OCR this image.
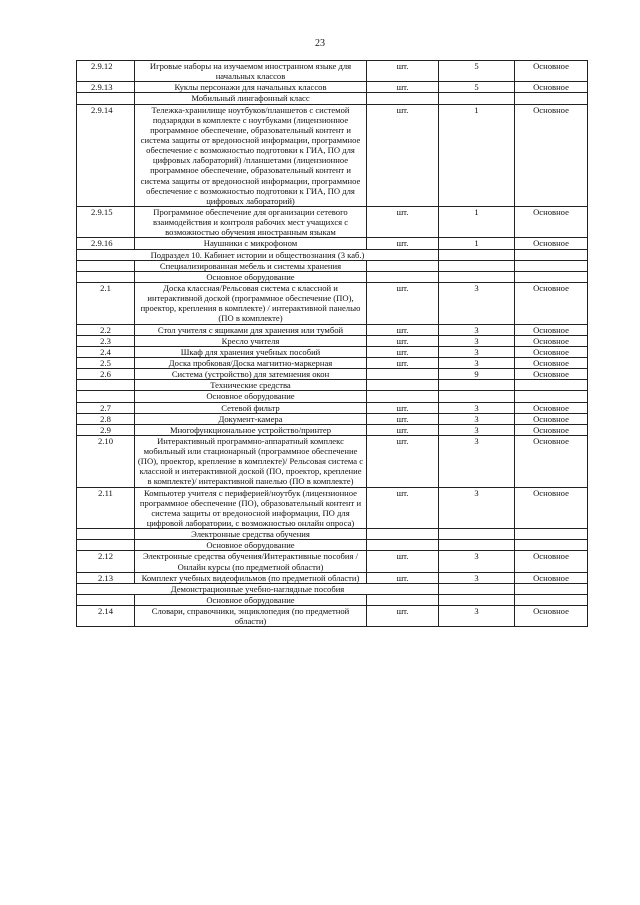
23
2.9.12	Игровые наборы на изучаемом иностранном языке для начальных классов	шт.	5	Основное
2.9.13	Куклы персонажи для начальных классов	шт.	5	Основное
	Мобильный лингафонный класс			
2.9.14	Тележка-хранилище ноутбуков/планшетов с системой подзарядки в комплекте с ноутбуками (лицензионное программное обеспечение, образовательный контент и система защиты от вредоносной информации, программное обеспечение с возможностью подготовки к ГИА, ПО для цифровых лабораторий) /планшетами (лицензионное программное обеспечение, образовательный контент и система защиты от вредоносной информации, программное обеспечение с возможностью подготовки к ГИА, ПО для цифровых лабораторий)	шт.	1	Основное
2.9.15	Программное обеспечение для организации сетевого взаимодействия и контроля рабочих мест учащихся с возможностью обучения иностранным языкам	шт.	1	Основное
2.9.16	Наушники с микрофоном	шт.	1	Основное
Подраздел 10. Кабинет истории и обществознания (3 каб.)				
	Специализированная мебель и системы хранения			
	Основное оборудование			
2.1	Доска классная/Рельсовая система с классной и интерактивной доской (программное обеспечение (ПО), проектор, крепления в комплекте) / интерактивной панелью (ПО в комплекте)	шт.	3	Основное
2.2	Стол учителя с ящиками для хранения или тумбой	шт.	3	Основное
2.3	Кресло учителя	шт.	3	Основное
2.4	Шкаф для хранения учебных пособий	шт.	3	Основное
2.5	Доска пробковая/Доска магнитно-маркерная	шт.	3	Основное
2.6	Система (устройство) для затемнения окон		9	Основное
	Технические средства			
	Основное оборудование			
2.7	Сетевой фильтр	шт.	3	Основное
2.8	Документ-камера	шт.	3	Основное
2.9	Многофункциональное устройство/принтер	шт.	3	Основное
2.10	Интерактивный программно-аппаратный комплекс мобильный или стационарный (программное обеспечение (ПО), проектор, крепление в комплекте)/ Рельсовая система с классной и интерактивной доской (ПО, проектор, крепление в комплекте)/ интерактивной панелью (ПО в комплекте)	шт.	3	Основное
2.11	Компьютер учителя с периферией/ноутбук (лицензионное программное обеспечение (ПО), образовательный контент и система защиты от вредоносной информации, ПО для цифровой лаборатории, с возможностью онлайн опроса)	шт.	3	Основное
	Электронные средства обучения			
	Основное оборудование			
2.12	Электронные средства обучения/Интерактивные пособия / Онлайн курсы (по предметной области)	шт.	3	Основное
2.13	Комплект учебных видеофильмов (по предметной области)	шт.	3	Основное
Демонстрационные учебно-наглядные пособия				
	Основное оборудование			
2.14	Словари, справочники, энциклопедия (по предметной области)	шт.	3	Основное
